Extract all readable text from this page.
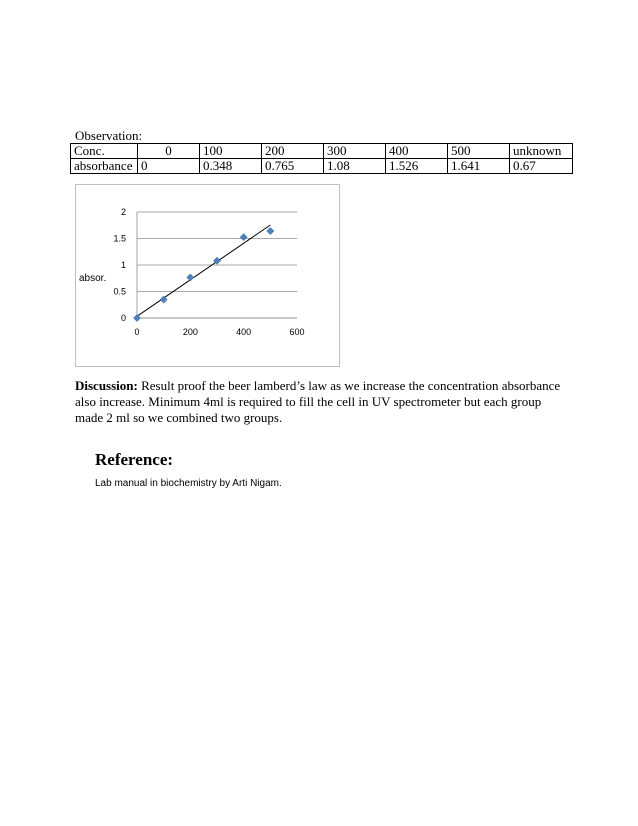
Observation:
Conc.	0	100	200	300	400	500	unknown
absorbance	0	0.348	0.765	1.08	1.526	1.641	0.67
0
0.5
1
1.5
2
0	200	400	600
absor.
Discussion: Result proof the beer lamberd’s law as we increase the concentration absorbance also increase. Minimum 4ml is required to fill the cell in UV spectrometer but each group made 2 ml so we combined two groups.
Reference:
Lab manual in biochemistry by Arti Nigam.
